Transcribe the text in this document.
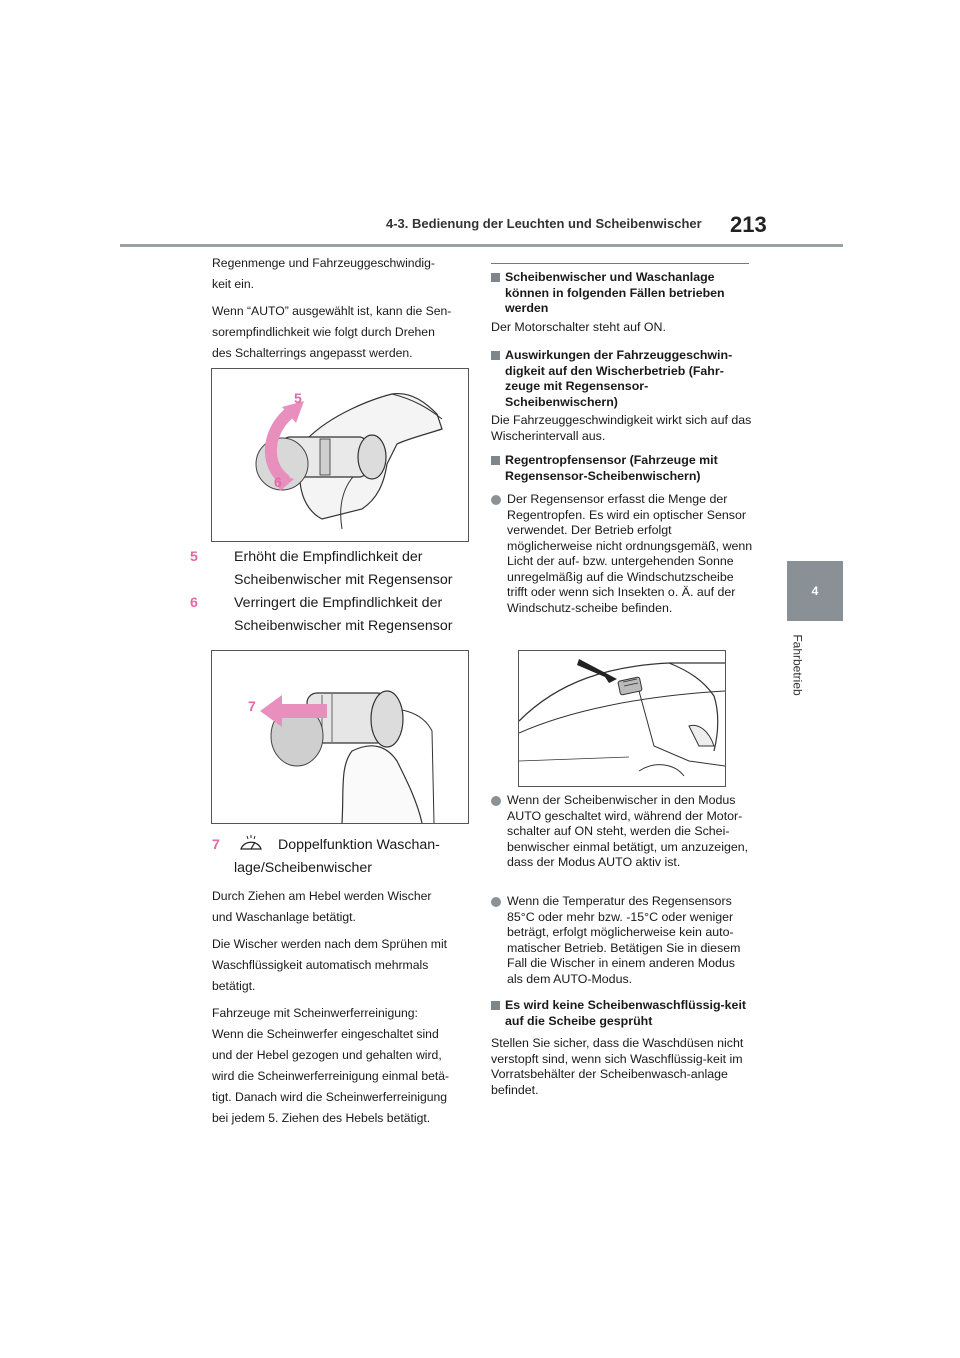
4-3. Bedienung der Leuchten und Scheibenwischer 213
4
Fahrbetrieb

Regenmenge und Fahrzeuggeschwindig-

keit ein.

Wenn “AUTO” ausgewählt ist, kann die Sen-

sorempfindlichkeit wie folgt durch Drehen

des Schalterrings angepasst werden.

5
6
5	Erhöht die Empfindlichkeit der Scheibenwischer mit Regensensor
6	Verringert die Empfindlichkeit der Scheibenwischer mit Regensensor
7
7	Doppelfunktion Waschan-
lage/Scheibenwischer

Durch Ziehen am Hebel werden Wischer

und Waschanlage betätigt.

Die Wischer werden nach dem Sprühen mit

Waschflüssigkeit automatisch mehrmals

betätigt.

Fahrzeuge mit Scheinwerferreinigung:

Wenn die Scheinwerfer eingeschaltet sind

und der Hebel gezogen und gehalten wird,

wird die Scheinwerferreinigung einmal betä-

tigt. Danach wird die Scheinwerferreinigung

bei jedem 5. Ziehen des Hebels betätigt.

Scheibenwischer und Waschanlage können in folgenden Fällen betrieben werden
Der Motorschalter steht auf ON.
Auswirkungen der Fahrzeuggeschwin-digkeit auf den Wischerbetrieb (Fahr-zeuge mit Regensensor-Scheibenwischern)
Die Fahrzeuggeschwindigkeit wirkt sich auf das Wischerintervall aus.
Regentropfensensor (Fahrzeuge mit Regensensor-Scheibenwischern)
Der Regensensor erfasst die Menge der Regentropfen. Es wird ein optischer Sensor verwendet. Der Betrieb erfolgt möglicherweise nicht ordnungsgemäß, wenn Licht der auf- bzw. untergehenden Sonne unregelmäßig auf die Windschutzscheibe trifft oder wenn sich Insekten o. Ä. auf der Windschutz-scheibe befinden.
Wenn der Scheibenwischer in den Modus AUTO geschaltet wird, während der Motor-schalter auf ON steht, werden die Schei-benwischer einmal betätigt, um anzuzeigen, dass der Modus AUTO aktiv ist.
Wenn die Temperatur des Regensensors 85°C oder mehr bzw. -15°C oder weniger beträgt, erfolgt möglicherweise kein auto-matischer Betrieb. Betätigen Sie in diesem Fall die Wischer in einem anderen Modus als dem AUTO-Modus.
Es wird keine Scheibenwaschflüssig-keit auf die Scheibe gesprüht
Stellen Sie sicher, dass die Waschdüsen nicht verstopft sind, wenn sich Waschflüssig-keit im Vorratsbehälter der Scheibenwasch-anlage befindet.
